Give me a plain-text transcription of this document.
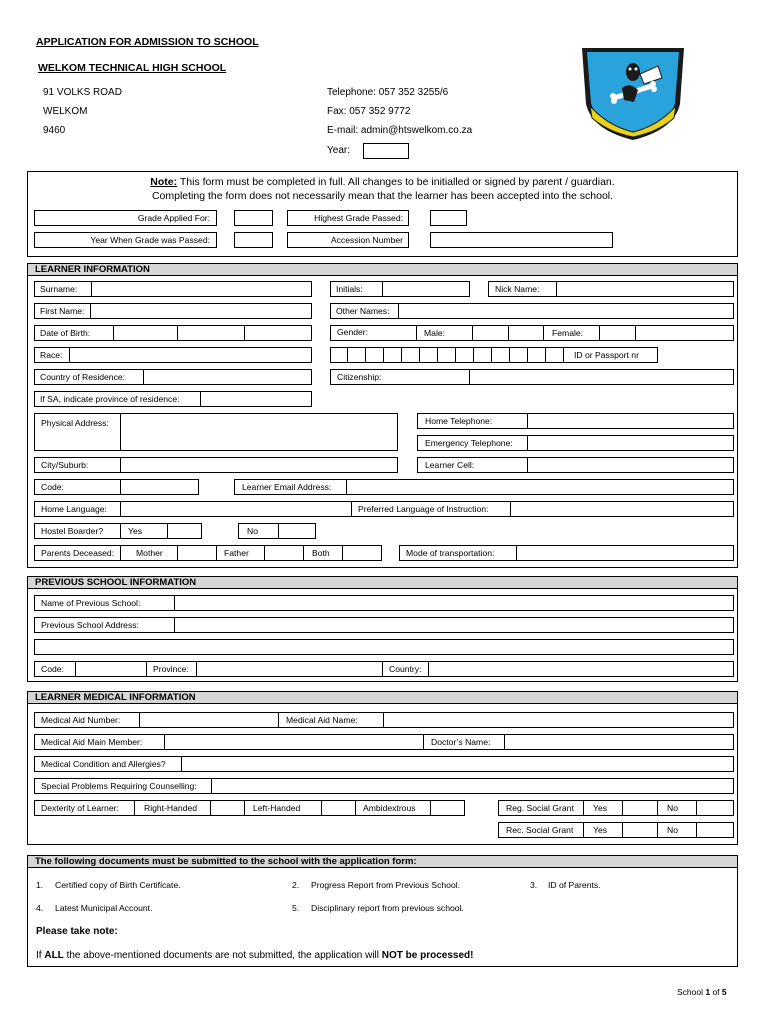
APPLICATION FOR ADMISSION TO SCHOOL
WELKOM TECHNICAL HIGH SCHOOL
91 VOLKS ROAD
WELKOM
9460
Telephone: 057 352 3255/6
Fax: 057 352 9772
E-mail: admin@htswelkom.co.za
Year:
Note: This form must be completed in full. All changes to be initialled or signed by parent / guardian.
Completing the form does not necessarily mean that the learner has been accepted into the school.
Grade Applied For:	Highest Grade Passed:
Year When Grade was Passed:	Accession Number
LEARNER INFORMATION
Surname:	Initials:	Nick Name:
First Name:	Other Names:
Date of Birth:	Gender:	Male:	Female:
Race:	ID or Passport nr
Country of Residence:	Citizenship:
If SA, indicate province of residence:
Physical Address:	Home Telephone:
Emergency Telephone:
City/Suburb:	Learner Cell:
Code:	Learner Email Address:
Home Language:	Preferred Language of Instruction:
Hostel Boarder?	Yes	No
Parents Deceased:	Mother	Father	Both	Mode of transportation:
PREVIOUS SCHOOL INFORMATION
Name of Previous School:
Previous School Address:
Code:	Province:	Country:
LEARNER MEDICAL INFORMATION
Medical Aid Number:	Medical Aid Name:
Medical Aid Main Member:	Doctor’s Name:
Medical Condition and Allergies?
Special Problems Requiring Counselling:
Dexterity of Learner:	Right-Handed	Left-Handed	Ambidextrous	Reg. Social Grant Yes	No
Rec. Social Grant Yes	No
The following documents must be submitted to the school with the application form:
1. Certified copy of Birth Certificate.	2. Progress Report from Previous School.	3. ID of Parents.
4. Latest Municipal Account.	5. Disciplinary report from previous school.
Please take note:
If ALL the above-mentioned documents are not submitted, the application will NOT be processed!
School 1 of 5
